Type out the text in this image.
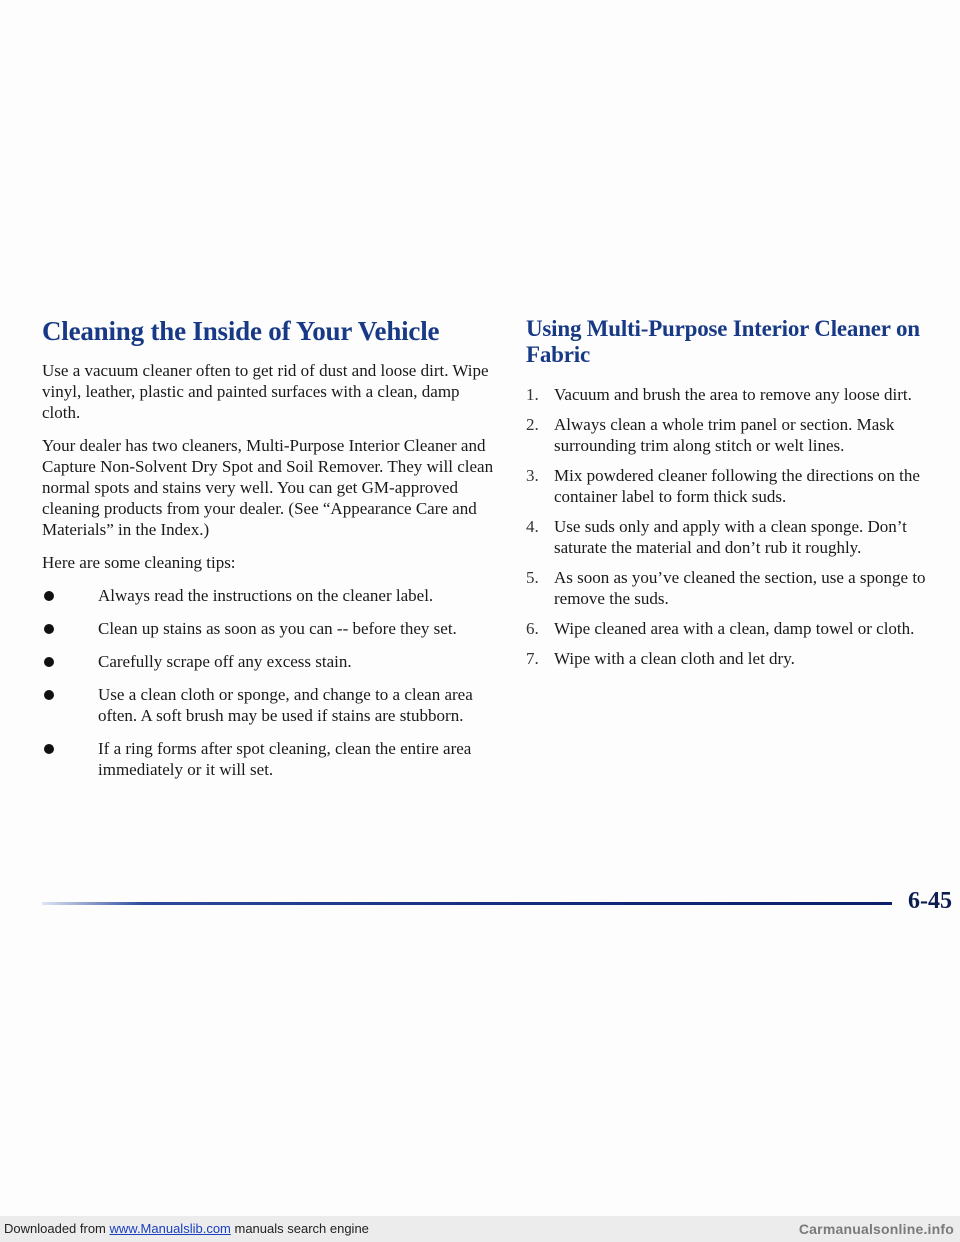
Cleaning the Inside of Your Vehicle

Use a vacuum cleaner often to get rid of dust and loose dirt. Wipe vinyl, leather, plastic and painted surfaces with a clean, damp cloth.

Your dealer has two cleaners, Multi-Purpose Interior Cleaner and Capture Non-Solvent Dry Spot and Soil Remover. They will clean normal spots and stains very well. You can get GM-approved cleaning products from your dealer. (See “Appearance Care and Materials” in the Index.)

Here are some cleaning tips:

Always read the instructions on the cleaner label.
Clean up stains as soon as you can -- before they set.
Carefully scrape off any excess stain.
Use a clean cloth or sponge, and change to a clean area often. A soft brush may be used if stains are stubborn.
If a ring forms after spot cleaning, clean the entire area immediately or it will set.
Using Multi-Purpose Interior Cleaner on Fabric
1. Vacuum and brush the area to remove any loose dirt.
2. Always clean a whole trim panel or section. Mask surrounding trim along stitch or welt lines.
3. Mix powdered cleaner following the directions on the container label to form thick suds.
4. Use suds only and apply with a clean sponge. Don’t saturate the material and don’t rub it roughly.
5. As soon as you’ve cleaned the section, use a sponge to remove the suds.
6. Wipe cleaned area with a clean, damp towel or cloth.
7. Wipe with a clean cloth and let dry.
6-45
Downloaded from www.Manualslib.com manuals search engine	Carmanualsonline.info
